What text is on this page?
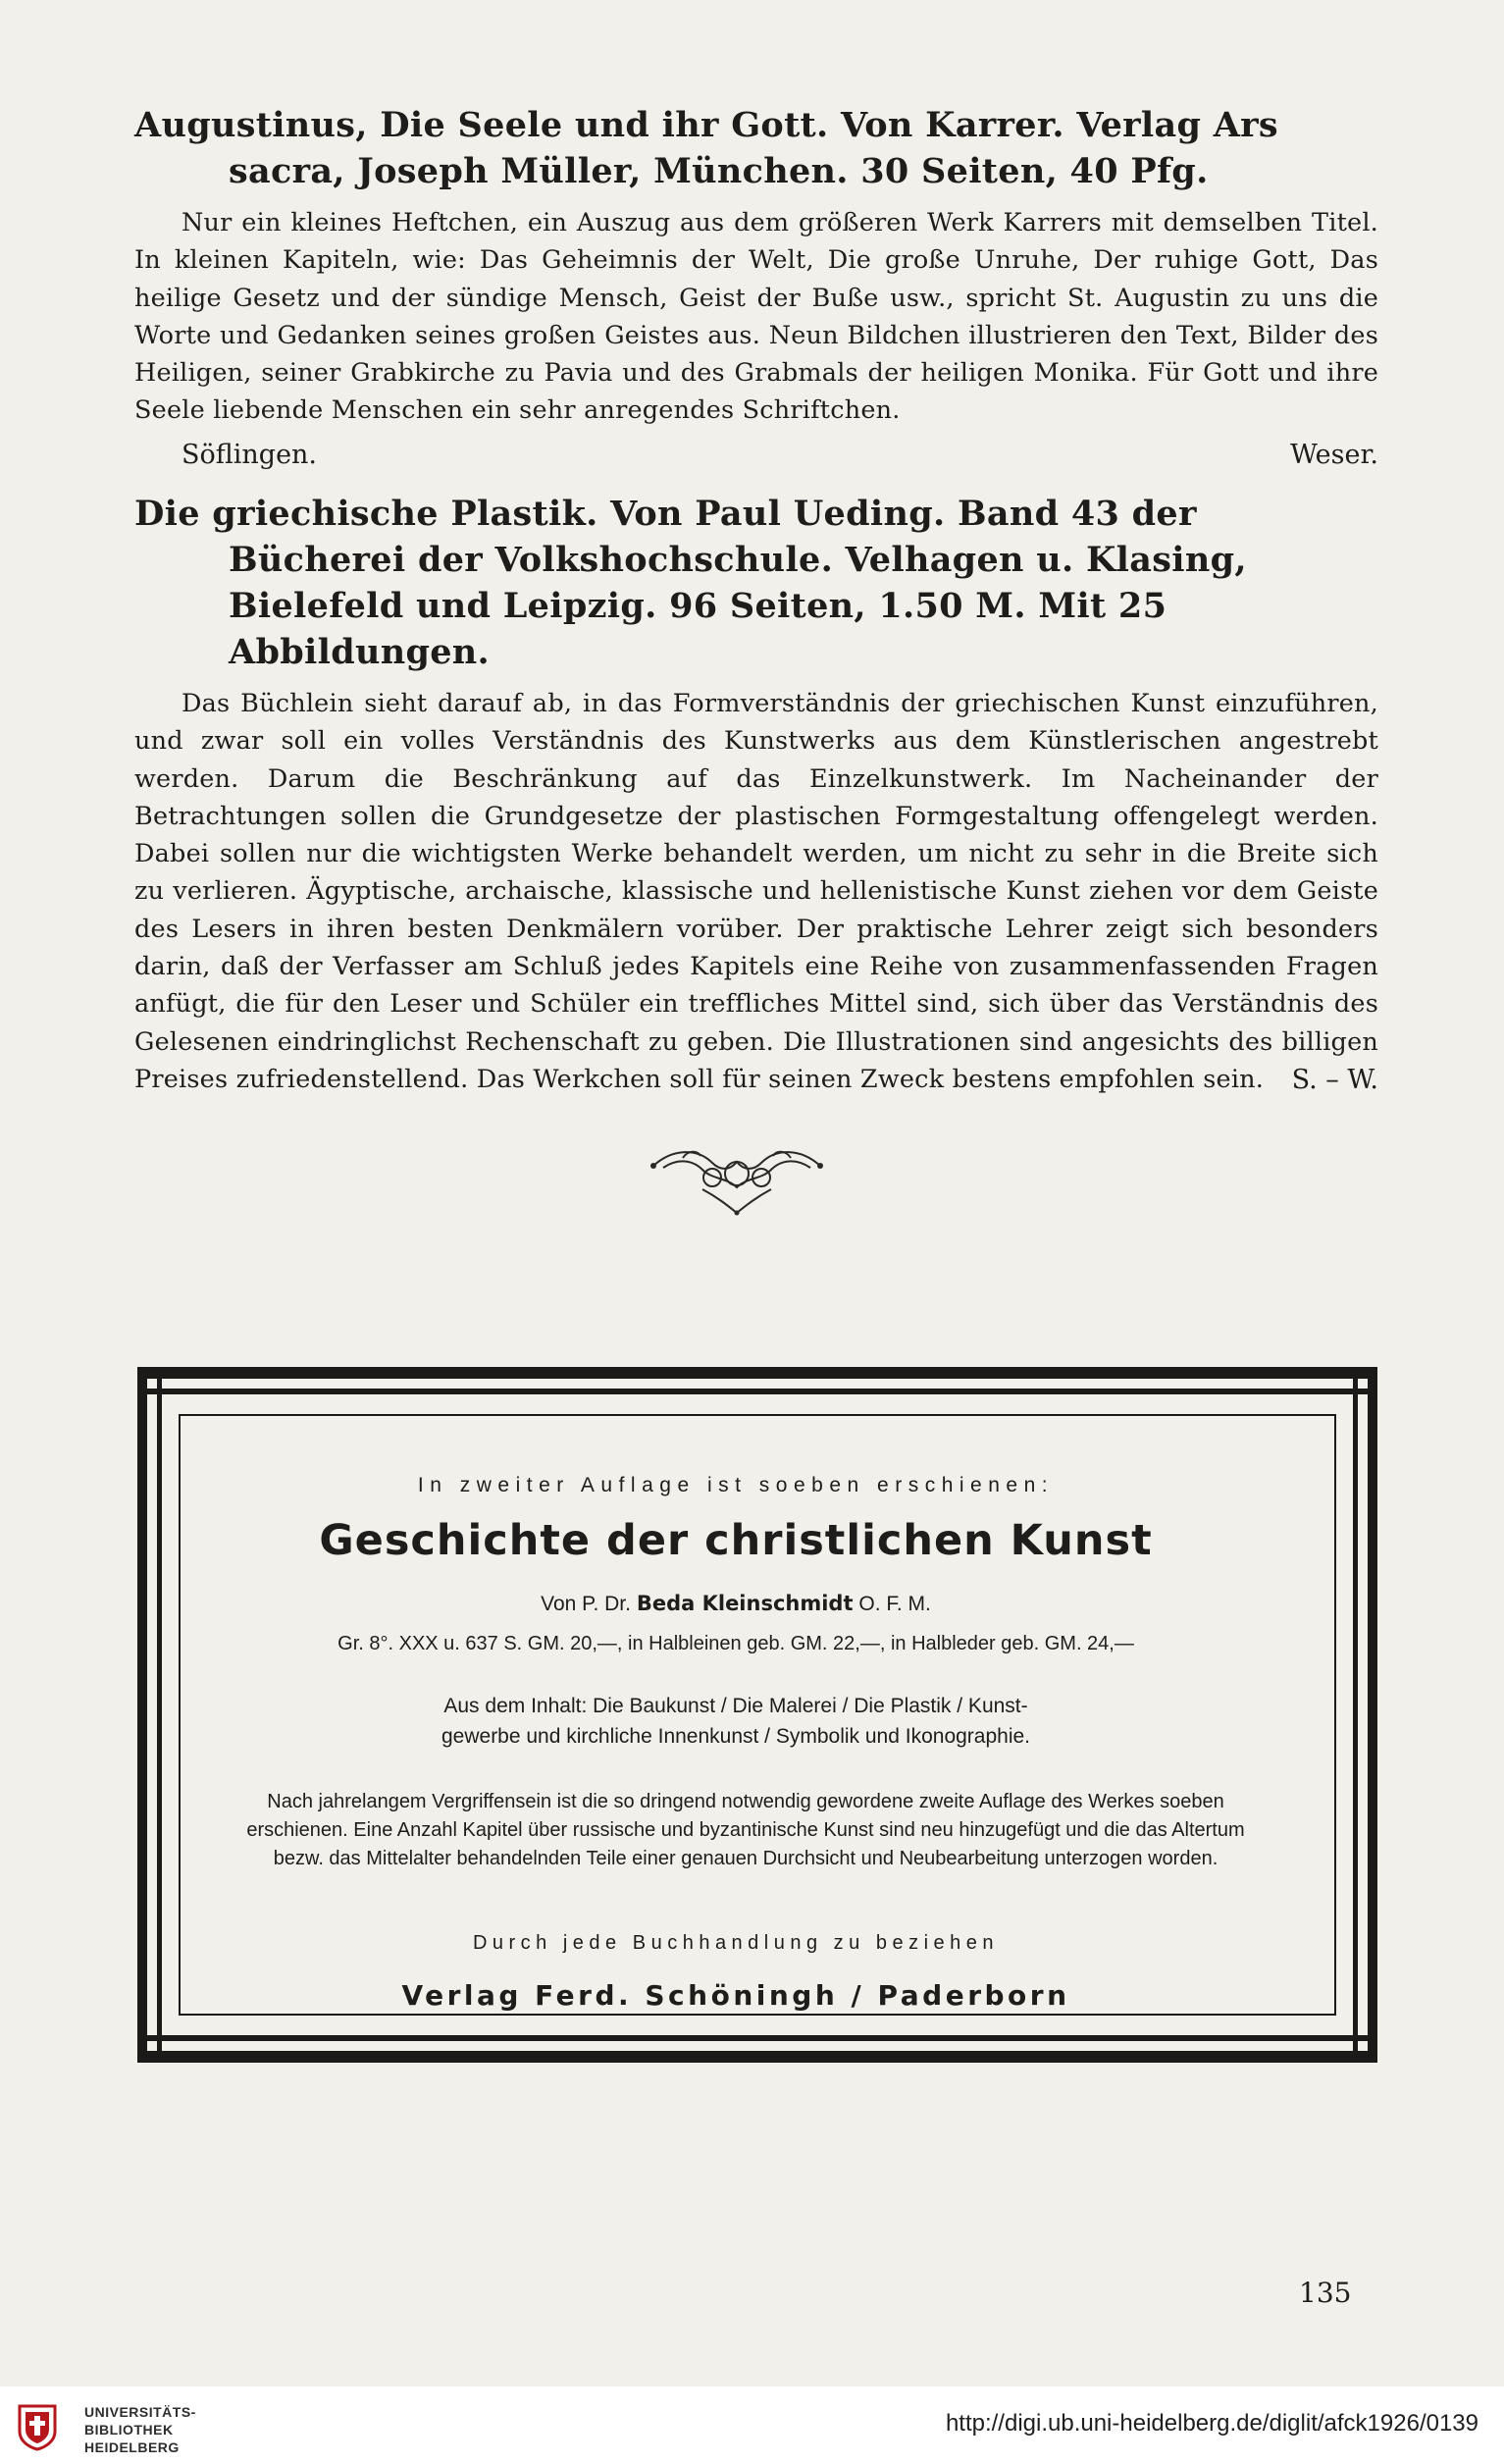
Augustinus, Die Seele und ihr Gott. Von Karrer. Verlag Ars sacra, Joseph Müller, München. 30 Seiten, 40 Pfg.

Nur ein kleines Heftchen, ein Auszug aus dem größeren Werk Karrers mit demselben Titel. In kleinen Kapiteln, wie: Das Geheimnis der Welt, Die große Unruhe, Der ruhige Gott, Das heilige Gesetz und der sündige Mensch, Geist der Buße usw., spricht St. Augustin zu uns die Worte und Gedanken seines großen Geistes aus. Neun Bildchen illustrieren den Text, Bilder des Heiligen, seiner Grabkirche zu Pavia und des Grabmals der heiligen Monika. Für Gott und ihre Seele liebende Menschen ein sehr anregendes Schriftchen.

Söflingen.	Weser.

Die griechische Plastik. Von Paul Ueding. Band 43 der Bücherei der Volkshochschule. Velhagen u. Klasing, Bielefeld und Leipzig. 96 Seiten, 1.50 M. Mit 25 Abbildungen.

Das Büchlein sieht darauf ab, in das Formverständnis der griechischen Kunst einzuführen, und zwar soll ein volles Verständnis des Kunstwerks aus dem Künstlerischen angestrebt werden. Darum die Beschränkung auf das Einzelkunstwerk. Im Nacheinander der Betrachtungen sollen die Grundgesetze der plastischen Formgestaltung offengelegt werden. Dabei sollen nur die wichtigsten Werke behandelt werden, um nicht zu sehr in die Breite sich zu verlieren. Ägyptische, archaische, klassische und hellenistische Kunst ziehen vor dem Geiste des Lesers in ihren besten Denkmälern vorüber. Der praktische Lehrer zeigt sich besonders darin, daß der Verfasser am Schluß jedes Kapitels eine Reihe von zusammenfassenden Fragen anfügt, die für den Leser und Schüler ein treffliches Mittel sind, sich über das Verständnis des Gelesenen eindringlichst Rechenschaft zu geben. Die Illustrationen sind angesichts des billigen Preises zufriedenstellend. Das Werkchen soll für seinen Zweck bestens empfohlen sein.	S. – W.
In zweiter Auflage ist soeben erschienen:
Geschichte der christlichen Kunst
Von P. Dr. Beda Kleinschmidt O. F. M.
Gr. 8°. XXX u. 637 S. GM. 20,—, in Halbleinen geb. GM. 22,—, in Halbleder geb. GM. 24,—
Aus dem Inhalt: Die Baukunst / Die Malerei / Die Plastik / Kunst-
gewerbe und kirchliche Innenkunst / Symbolik und Ikonographie.
Nach jahrelangem Vergriffensein ist die so dringend notwendig gewordene zweite Auflage des Werkes soeben erschienen. Eine Anzahl Kapitel über russische und byzantinische Kunst sind neu hinzugefügt und die das Altertum bezw. das Mittelalter behandelnden Teile einer genauen Durchsicht und Neubearbeitung unterzogen worden.
Durch jede Buchhandlung zu beziehen
Verlag Ferd. Schöningh / Paderborn
135
UNIVERSITÄTS-
BIBLIOTHEK
HEIDELBERG
http://digi.ub.uni-heidelberg.de/diglit/afck1926/0139
